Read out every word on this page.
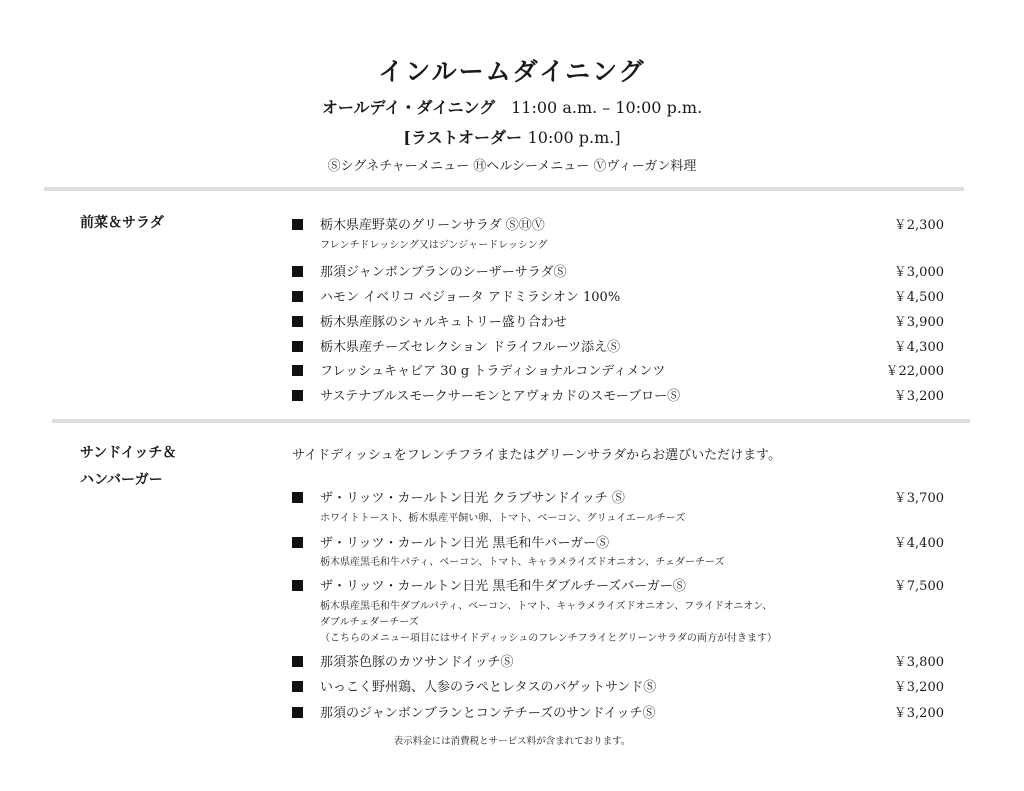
インルームダイニング
オールデイ・ダイニング 11:00 a.m. – 10:00 p.m.
[ラストオーダー 10:00 p.m.]
Ⓢシグネチャーメニュー Ⓗヘルシーメニュー Ⓥヴィーガン料理
前菜＆サラダ	栃木県産野菜のグリーンサラダ ⓈⒽⓋ	￥2,300
フレンチドレッシング又はジンジャードレッシング
那須ジャンボンブランのシーザーサラダⓈ	￥3,000
ハモン イベリコ ベジョータ アドミラシオン 100%	￥4,500
栃木県産豚のシャルキュトリー盛り合わせ	￥3,900
栃木県産チーズセレクション ドライフルーツ添えⓈ	￥4,300
フレッシュキャビア 30 g トラディショナルコンディメンツ	￥22,000
サステナブルスモークサーモンとアヴォカドのスモーブローⓈ	￥3,200
サンドイッチ＆
ハンバーガー
サイドディッシュをフレンチフライまたはグリーンサラダからお選びいただけます。
ザ・リッツ・カールトン日光 クラブサンドイッチ Ⓢ	￥3,700
ホワイトトースト、栃木県産平飼い卵、トマト、ベーコン、グリュイエールチーズ
ザ・リッツ・カールトン日光 黒毛和牛バーガーⓈ	￥4,400
栃木県産黒毛和牛パティ、ベーコン、トマト、キャラメライズドオニオン、チェダーチーズ
ザ・リッツ・カールトン日光 黒毛和牛ダブルチーズバーガーⓈ	￥7,500
栃木県産黒毛和牛ダブルパティ、ベーコン、トマト、キャラメライズドオニオン、フライドオニオン、
ダブルチェダーチーズ
（こちらのメニュー項目にはサイドディッシュのフレンチフライとグリーンサラダの両方が付きます）
那須茶色豚のカツサンドイッチⓈ	￥3,800
いっこく野州鶏、人参のラペとレタスのバゲットサンドⓈ	￥3,200
那須のジャンボンブランとコンテチーズのサンドイッチⓈ	￥3,200
表示料金には消費税とサービス料が含まれております。
